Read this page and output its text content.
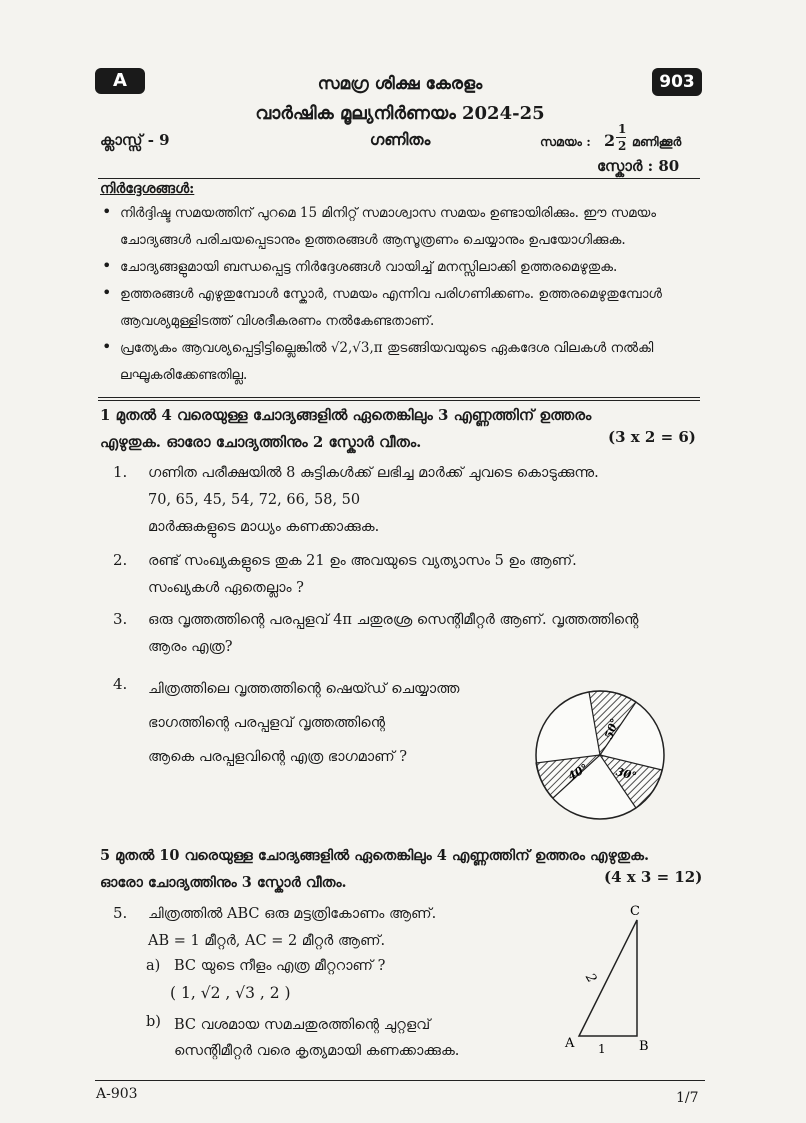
A	903
സമഗ്ര ശിക്ഷ കേരളം
വാർഷിക മൂല്യനിർണയം 2024-25
ക്ലാസ്സ് - 9	ഗണിതം	സമയം : 2
1
2 മണിക്കൂർ
സ്കോർ : 80
നിർദ്ദേശങ്ങൾ:
• നിർദ്ദിഷ്ട സമയത്തിന് പുറമെ 15 മിനിറ്റ് സമാശ്വാസ സമയം ഉണ്ടായിരിക്കും. ഈ സമയം ചോദ്യങ്ങൾ പരിചയപ്പെടാനും ഉത്തരങ്ങൾ ആസൂത്രണം ചെയ്യാനും ഉപയോഗിക്കുക.
• ചോദ്യങ്ങളുമായി ബന്ധപ്പെട്ട നിർദ്ദേശങ്ങൾ വായിച്ച് മനസ്സിലാക്കി ഉത്തരമെഴുതുക.
• ഉത്തരങ്ങൾ എഴുതുമ്പോൾ സ്കോർ, സമയം എന്നിവ പരിഗണിക്കണം. ഉത്തരമെഴുതുമ്പോൾ ആവശ്യമുള്ളിടത്ത് വിശദീകരണം നൽകേണ്ടതാണ്.
• പ്രത്യേകം ആവശ്യപ്പെട്ടിട്ടില്ലെങ്കിൽ √2,√3,π തുടങ്ങിയവയുടെ ഏകദേശ വിലകൾ നൽകി ലഘൂകരിക്കേണ്ടതില്ല.
1 മുതൽ 4 വരെയുള്ള ചോദ്യങ്ങളിൽ ഏതെങ്കിലും 3 എണ്ണത്തിന് ഉത്തരം
എഴുതുക. ഓരോ ചോദ്യത്തിനും 2 സ്കോർ വീതം.	(3 x 2 = 6)
1. ഗണിത പരീക്ഷയിൽ 8 കുട്ടികൾക്ക് ലഭിച്ച മാർക്ക് ചുവടെ കൊടുക്കുന്നു.
70, 65, 45, 54, 72, 66, 58, 50
മാർക്കുകളുടെ മാധ്യം കണക്കാക്കുക.
2. രണ്ട് സംഖ്യകളുടെ തുക 21 ഉം അവയുടെ വ്യത്യാസം 5 ഉം ആണ്.
സംഖ്യകൾ ഏതെല്ലാം ?
3. ഒരു വൃത്തത്തിന്റെ പരപ്പളവ് 4π ചതുരശ്ര സെന്റിമീറ്റർ ആണ്. വൃത്തത്തിന്റെ
ആരം എത്ര?
4. ചിത്രത്തിലെ വൃത്തത്തിന്റെ ഷെയ്ഡ് ചെയ്യാത്ത
ഭാഗത്തിന്റെ പരപ്പളവ് വൃത്തത്തിന്റെ
ആകെ പരപ്പളവിന്റെ എത്ര ഭാഗമാണ് ?
50°
40° 30°
5 മുതൽ 10 വരെയുള്ള ചോദ്യങ്ങളിൽ ഏതെങ്കിലും 4 എണ്ണത്തിന് ഉത്തരം എഴുതുക.
ഓരോ ചോദ്യത്തിനും 3 സ്കോർ വീതം.	(4 x 3 = 12)
5. ചിത്രത്തിൽ ABC ഒരു മട്ടത്രികോണം ആണ്.
AB = 1 മീറ്റർ, AC = 2 മീറ്റർ ആണ്.
a) BC യുടെ നീളം എത്ര മീറ്ററാണ് ?
( 1, √2 , √3 , 2 )
b) BC വശമായ സമചതുരത്തിന്റെ ചുറ്റളവ്
സെന്റിമീറ്റർ വരെ കൃത്യമായി കണക്കാക്കുക.
C
A	B
1
2
A-903	1/7
